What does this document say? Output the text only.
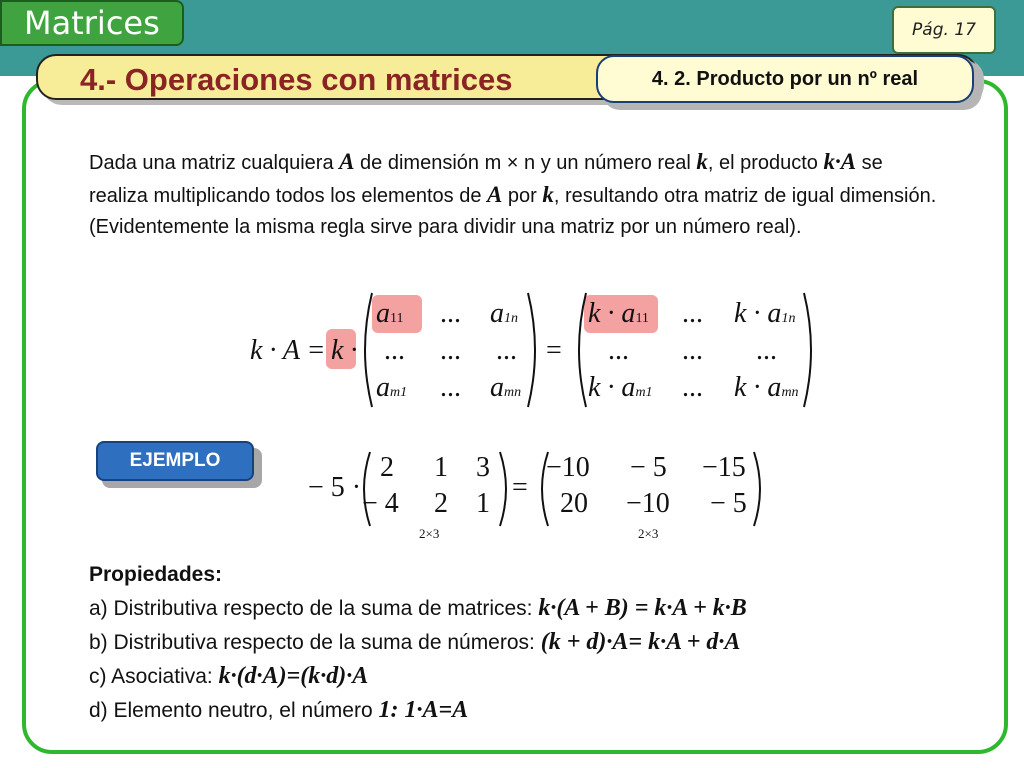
Matrices	Pág. 17
4.- Operaciones con matrices	4. 2. Producto por un nº real

Dada una matriz cualquiera A de dimensión m × n y un número real k, el producto k·A se realiza multiplicando todos los elementos de A por k, resultando otra matriz de igual dimensión. (Evidentemente la misma regla sirve para dividir una matriz por un número real).

k · A = k ·
a11 ... a1n
... ... ...
am1 ... amn
=
k · a11 ... k · a1n
... ... ...
k · am1 ... k · amn
EJEMPLO
− 5 ·
2 1 3
− 4 2 1
=
−10 − 5 −15
20 −10 − 5
2×3	2×3
Propiedades:
a) Distributiva respecto de la suma de matrices: k·(A + B) = k·A + k·B
b) Distributiva respecto de la suma de números: (k + d)·A= k·A + d·A
c) Asociativa: k·(d·A)=(k·d)·A
d) Elemento neutro, el número 1: 1·A=A
